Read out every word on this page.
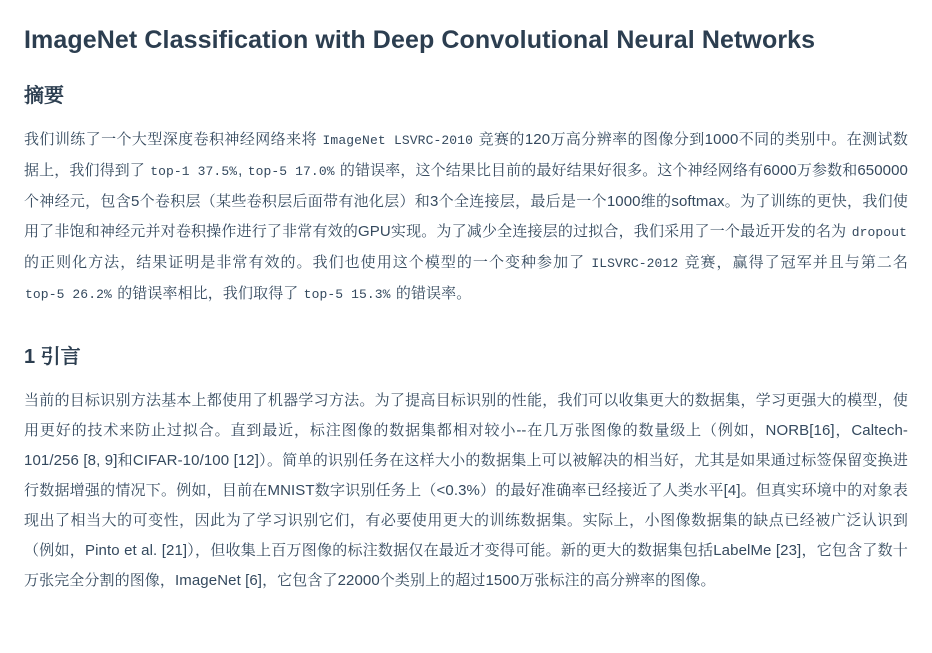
ImageNet Classification with Deep Convolutional Neural Networks
摘要

我们训练了一个大型深度卷积神经网络来将 ImageNet LSVRC-2010 竞赛的120万高分辨率的图像分到1000不同的类别中。在测试数据上，我们得到了 top-1 37.5%, top-5 17.0% 的错误率，这个结果比目前的最好结果好很多。这个神经网络有6000万参数和650000个神经元，包含5个卷积层（某些卷积层后面带有池化层）和3个全连接层，最后是一个1000维的softmax。为了训练的更快，我们使用了非饱和神经元并对卷积操作进行了非常有效的GPU实现。为了减少全连接层的过拟合，我们采用了一个最近开发的名为 dropout 的正则化方法，结果证明是非常有效的。我们也使用这个模型的一个变种参加了 ILSVRC-2012 竞赛，赢得了冠军并且与第二名 top-5 26.2% 的错误率相比，我们取得了 top-5 15.3% 的错误率。

1 引言

当前的目标识别方法基本上都使用了机器学习方法。为了提高目标识别的性能，我们可以收集更大的数据集，学习更强大的模型，使用更好的技术来防止过拟合。直到最近，标注图像的数据集都相对较小--在几万张图像的数量级上（例如，NORB[16]，Caltech-101/256 [8, 9]和CIFAR-10/100 [12]）。简单的识别任务在这样大小的数据集上可以被解决的相当好，尤其是如果通过标签保留变换进行数据增强的情况下。例如，目前在MNIST数字识别任务上（<0.3%）的最好准确率已经接近了人类水平[4]。但真实环境中的对象表现出了相当大的可变性，因此为了学习识别它们，有必要使用更大的训练数据集。实际上，小图像数据集的缺点已经被广泛认识到（例如，Pinto et al. [21]），但收集上百万图像的标注数据仅在最近才变得可能。新的更大的数据集包括LabelMe [23]，它包含了数十万张完全分割的图像，ImageNet [6]，它包含了22000个类别上的超过1500万张标注的高分辨率的图像。
